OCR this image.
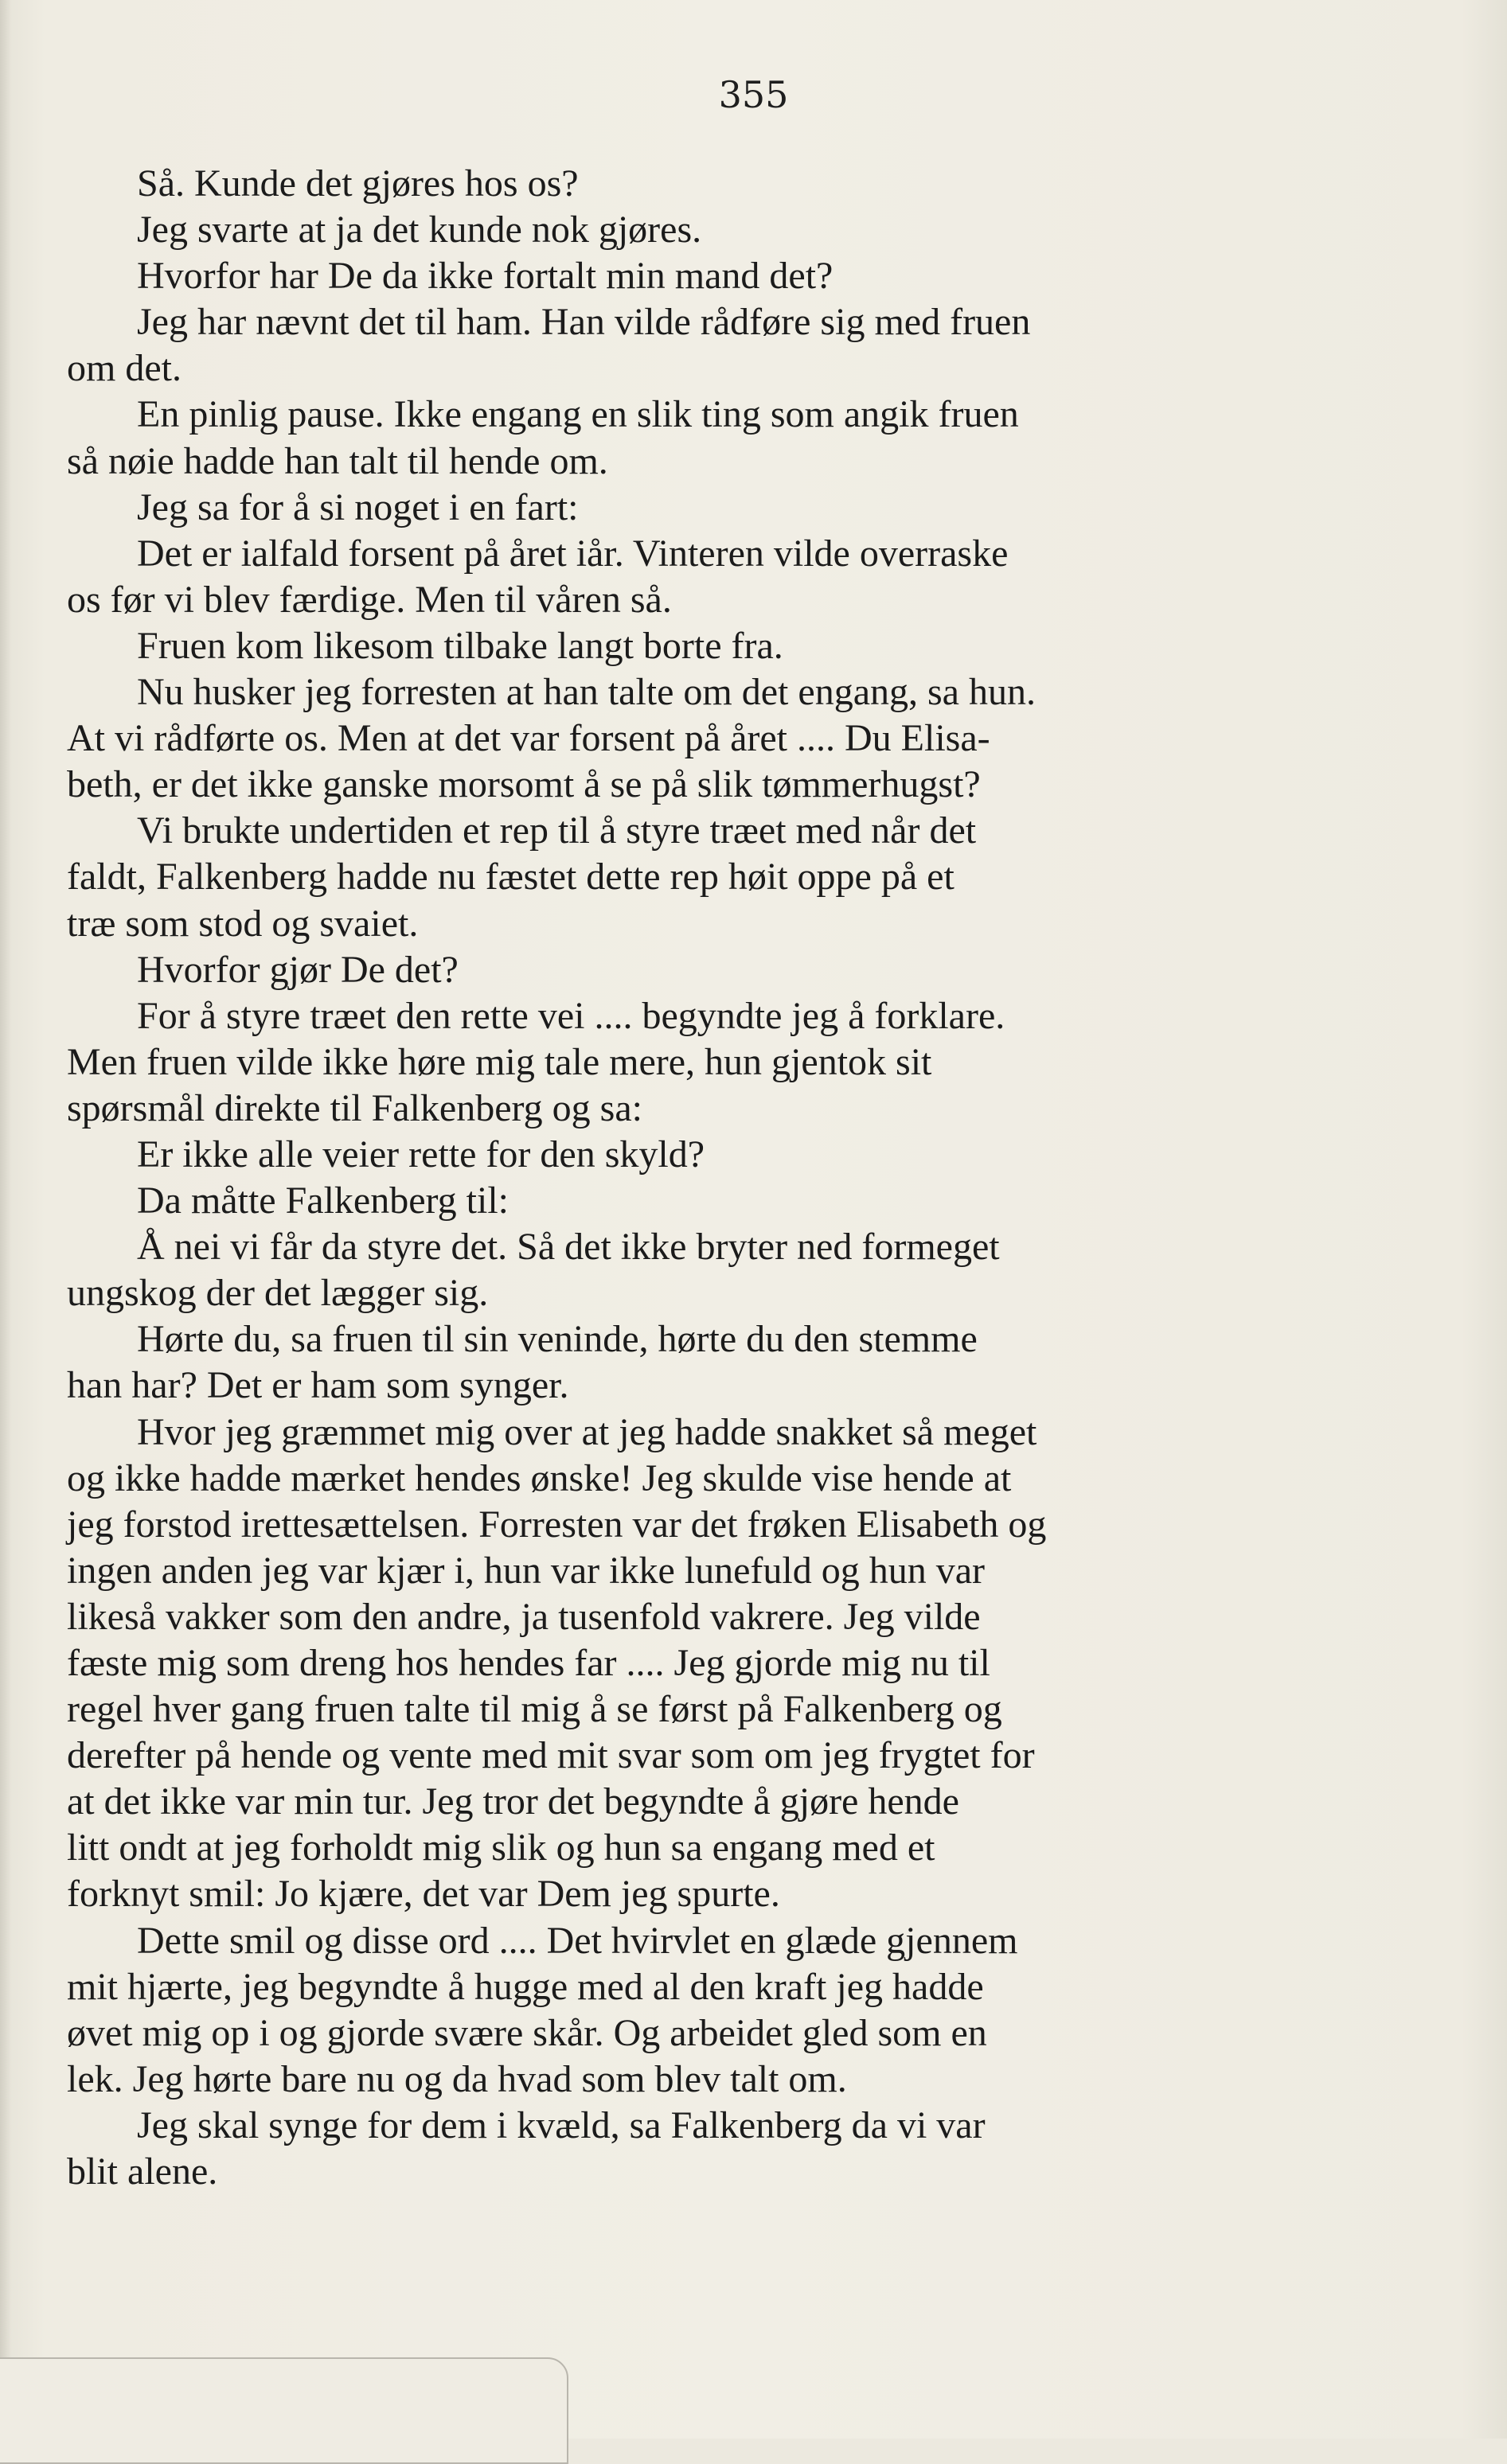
355

Så. Kunde det gjøres hos os?
Jeg svarte at ja det kunde nok gjøres.
Hvorfor har De da ikke fortalt min mand det?
Jeg har nævnt det til ham. Han vilde rådføre sig med fruen
om det.
En pinlig pause. Ikke engang en slik ting som angik fruen
så nøie hadde han talt til hende om.
Jeg sa for å si noget i en fart:
Det er ialfald forsent på året iår. Vinteren vilde overraske
os før vi blev færdige. Men til våren så.
Fruen kom likesom tilbake langt borte fra.
Nu husker jeg forresten at han talte om det engang, sa hun.
At vi rådførte os. Men at det var forsent på året .... Du Elisa-
beth, er det ikke ganske morsomt å se på slik tømmerhugst?
Vi brukte undertiden et rep til å styre træet med når det
faldt, Falkenberg hadde nu fæstet dette rep høit oppe på et
træ som stod og svaiet.
Hvorfor gjør De det?
For å styre træet den rette vei .... begyndte jeg å forklare.
Men fruen vilde ikke høre mig tale mere, hun gjentok sit
spørsmål direkte til Falkenberg og sa:
Er ikke alle veier rette for den skyld?
Da måtte Falkenberg til:
Å nei vi får da styre det. Så det ikke bryter ned formeget
ungskog der det lægger sig.
Hørte du, sa fruen til sin veninde, hørte du den stemme
han har? Det er ham som synger.
Hvor jeg græmmet mig over at jeg hadde snakket så meget
og ikke hadde mærket hendes ønske! Jeg skulde vise hende at
jeg forstod irettesættelsen. Forresten var det frøken Elisabeth og
ingen anden jeg var kjær i, hun var ikke lunefuld og hun var
likeså vakker som den andre, ja tusenfold vakrere. Jeg vilde
fæste mig som dreng hos hendes far .... Jeg gjorde mig nu til
regel hver gang fruen talte til mig å se først på Falkenberg og
derefter på hende og vente med mit svar som om jeg frygtet for
at det ikke var min tur. Jeg tror det begyndte å gjøre hende
litt ondt at jeg forholdt mig slik og hun sa engang med et
forknyt smil: Jo kjære, det var Dem jeg spurte.
Dette smil og disse ord .... Det hvirvlet en glæde gjennem
mit hjærte, jeg begyndte å hugge med al den kraft jeg hadde
øvet mig op i og gjorde svære skår. Og arbeidet gled som en
lek. Jeg hørte bare nu og da hvad som blev talt om.
Jeg skal synge for dem i kvæld, sa Falkenberg da vi var
blit alene.
